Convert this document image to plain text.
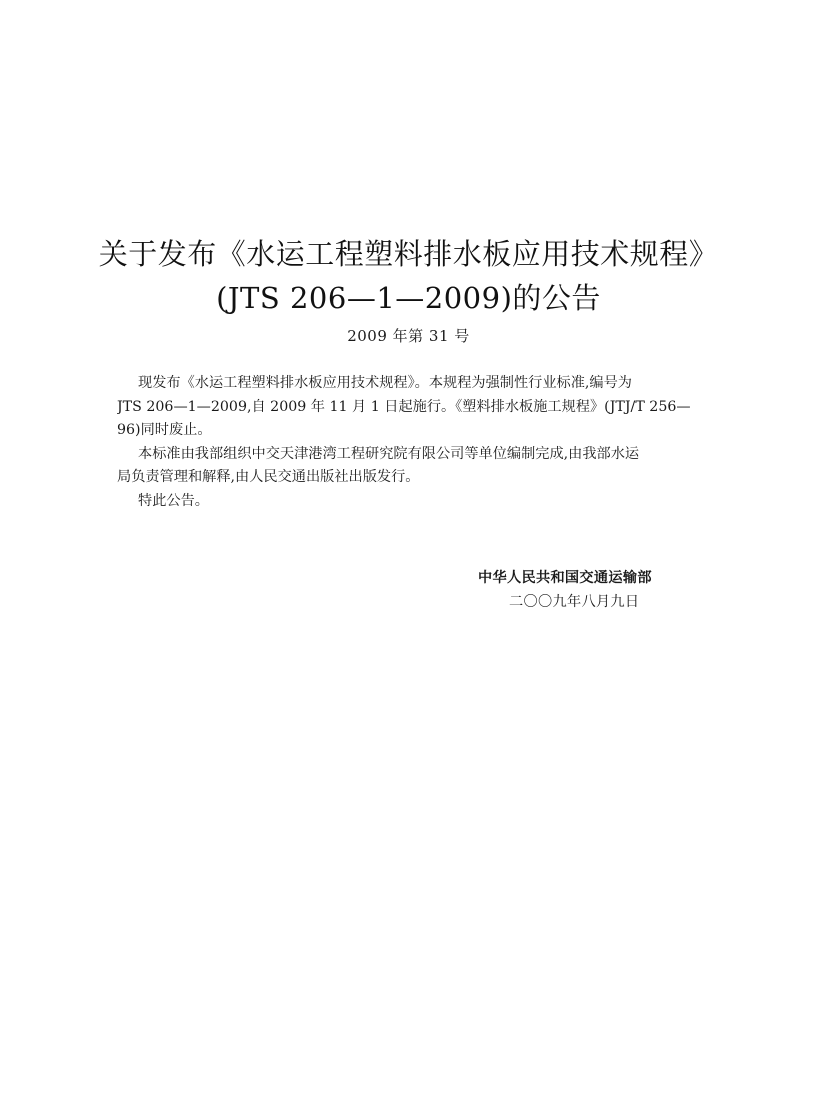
关于发布《水运工程塑料排水板应用技术规程》
(JTS 206—1—2009)的公告
2009 年第 31 号
现发布《水运工程塑料排水板应用技术规程》。本规程为强制性行业标准,编号为
JTS 206—1—2009,自 2009 年 11 月 1 日起施行。《塑料排水板施工规程》(JTJ/T 256—
96)同时废止。
本标准由我部组织中交天津港湾工程研究院有限公司等单位编制完成,由我部水运
局负责管理和解释,由人民交通出版社出版发行。
特此公告。
中华人民共和国交通运输部
二〇〇九年八月九日
